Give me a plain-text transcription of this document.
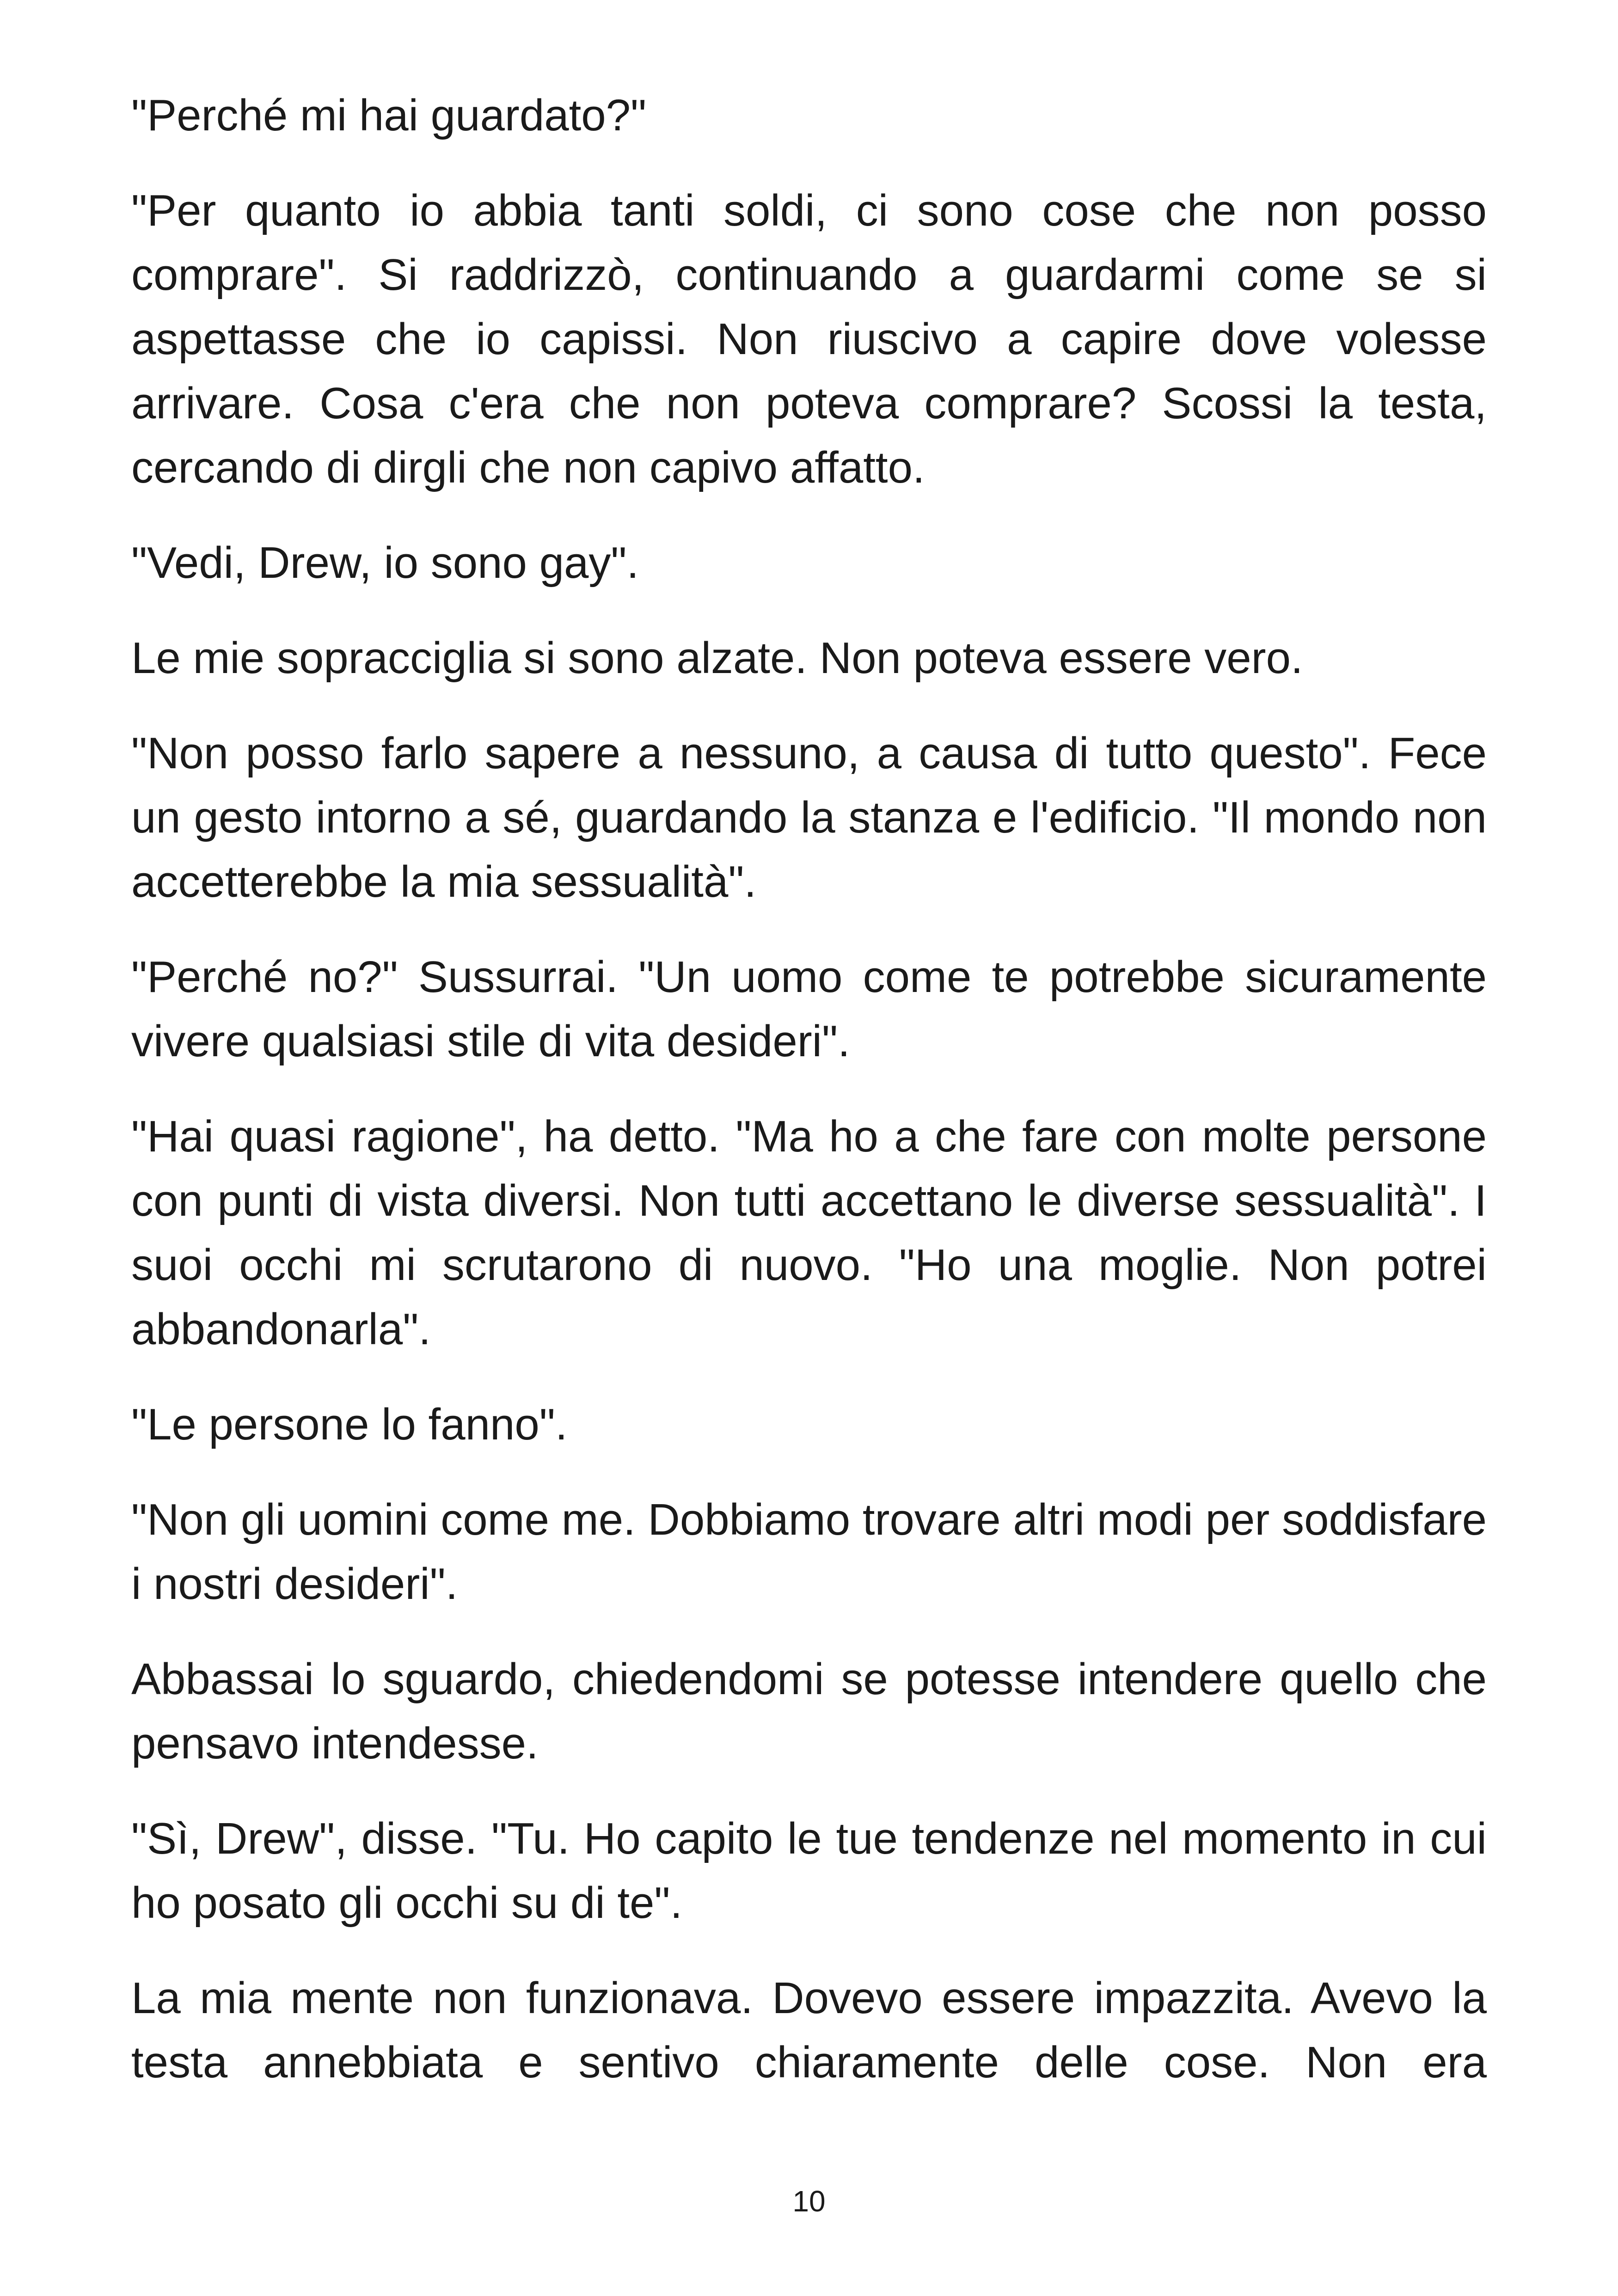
"Perché mi hai guardato?"

"Per quanto io abbia tanti soldi, ci sono cose che non posso comprare". Si raddrizzò, continuando a guardarmi come se si aspettasse che io capissi. Non riuscivo a capire dove volesse arrivare. Cosa c'era che non poteva comprare? Scossi la testa, cercando di dirgli che non capivo affatto.

"Vedi, Drew, io sono gay".

Le mie sopracciglia si sono alzate. Non poteva essere vero.

"Non posso farlo sapere a nessuno, a causa di tutto questo". Fece un gesto intorno a sé, guardando la stanza e l'edificio. "Il mondo non accetterebbe la mia sessualità".

"Perché no?" Sussurrai. "Un uomo come te potrebbe sicuramente vivere qualsiasi stile di vita desideri".

"Hai quasi ragione", ha detto. "Ma ho a che fare con molte persone con punti di vista diversi. Non tutti accettano le diverse sessualità". I suoi occhi mi scrutarono di nuovo. "Ho una moglie. Non potrei abbandonarla".

"Le persone lo fanno".

"Non gli uomini come me. Dobbiamo trovare altri modi per soddisfare i nostri desideri".

Abbassai lo sguardo, chiedendomi se potesse intendere quello che pensavo intendesse.

"Sì, Drew", disse. "Tu. Ho capito le tue tendenze nel momento in cui ho posato gli occhi su di te".

La mia mente non funzionava. Dovevo essere impazzita. Avevo la testa annebbiata e sentivo chiaramente delle cose. Non era

10
